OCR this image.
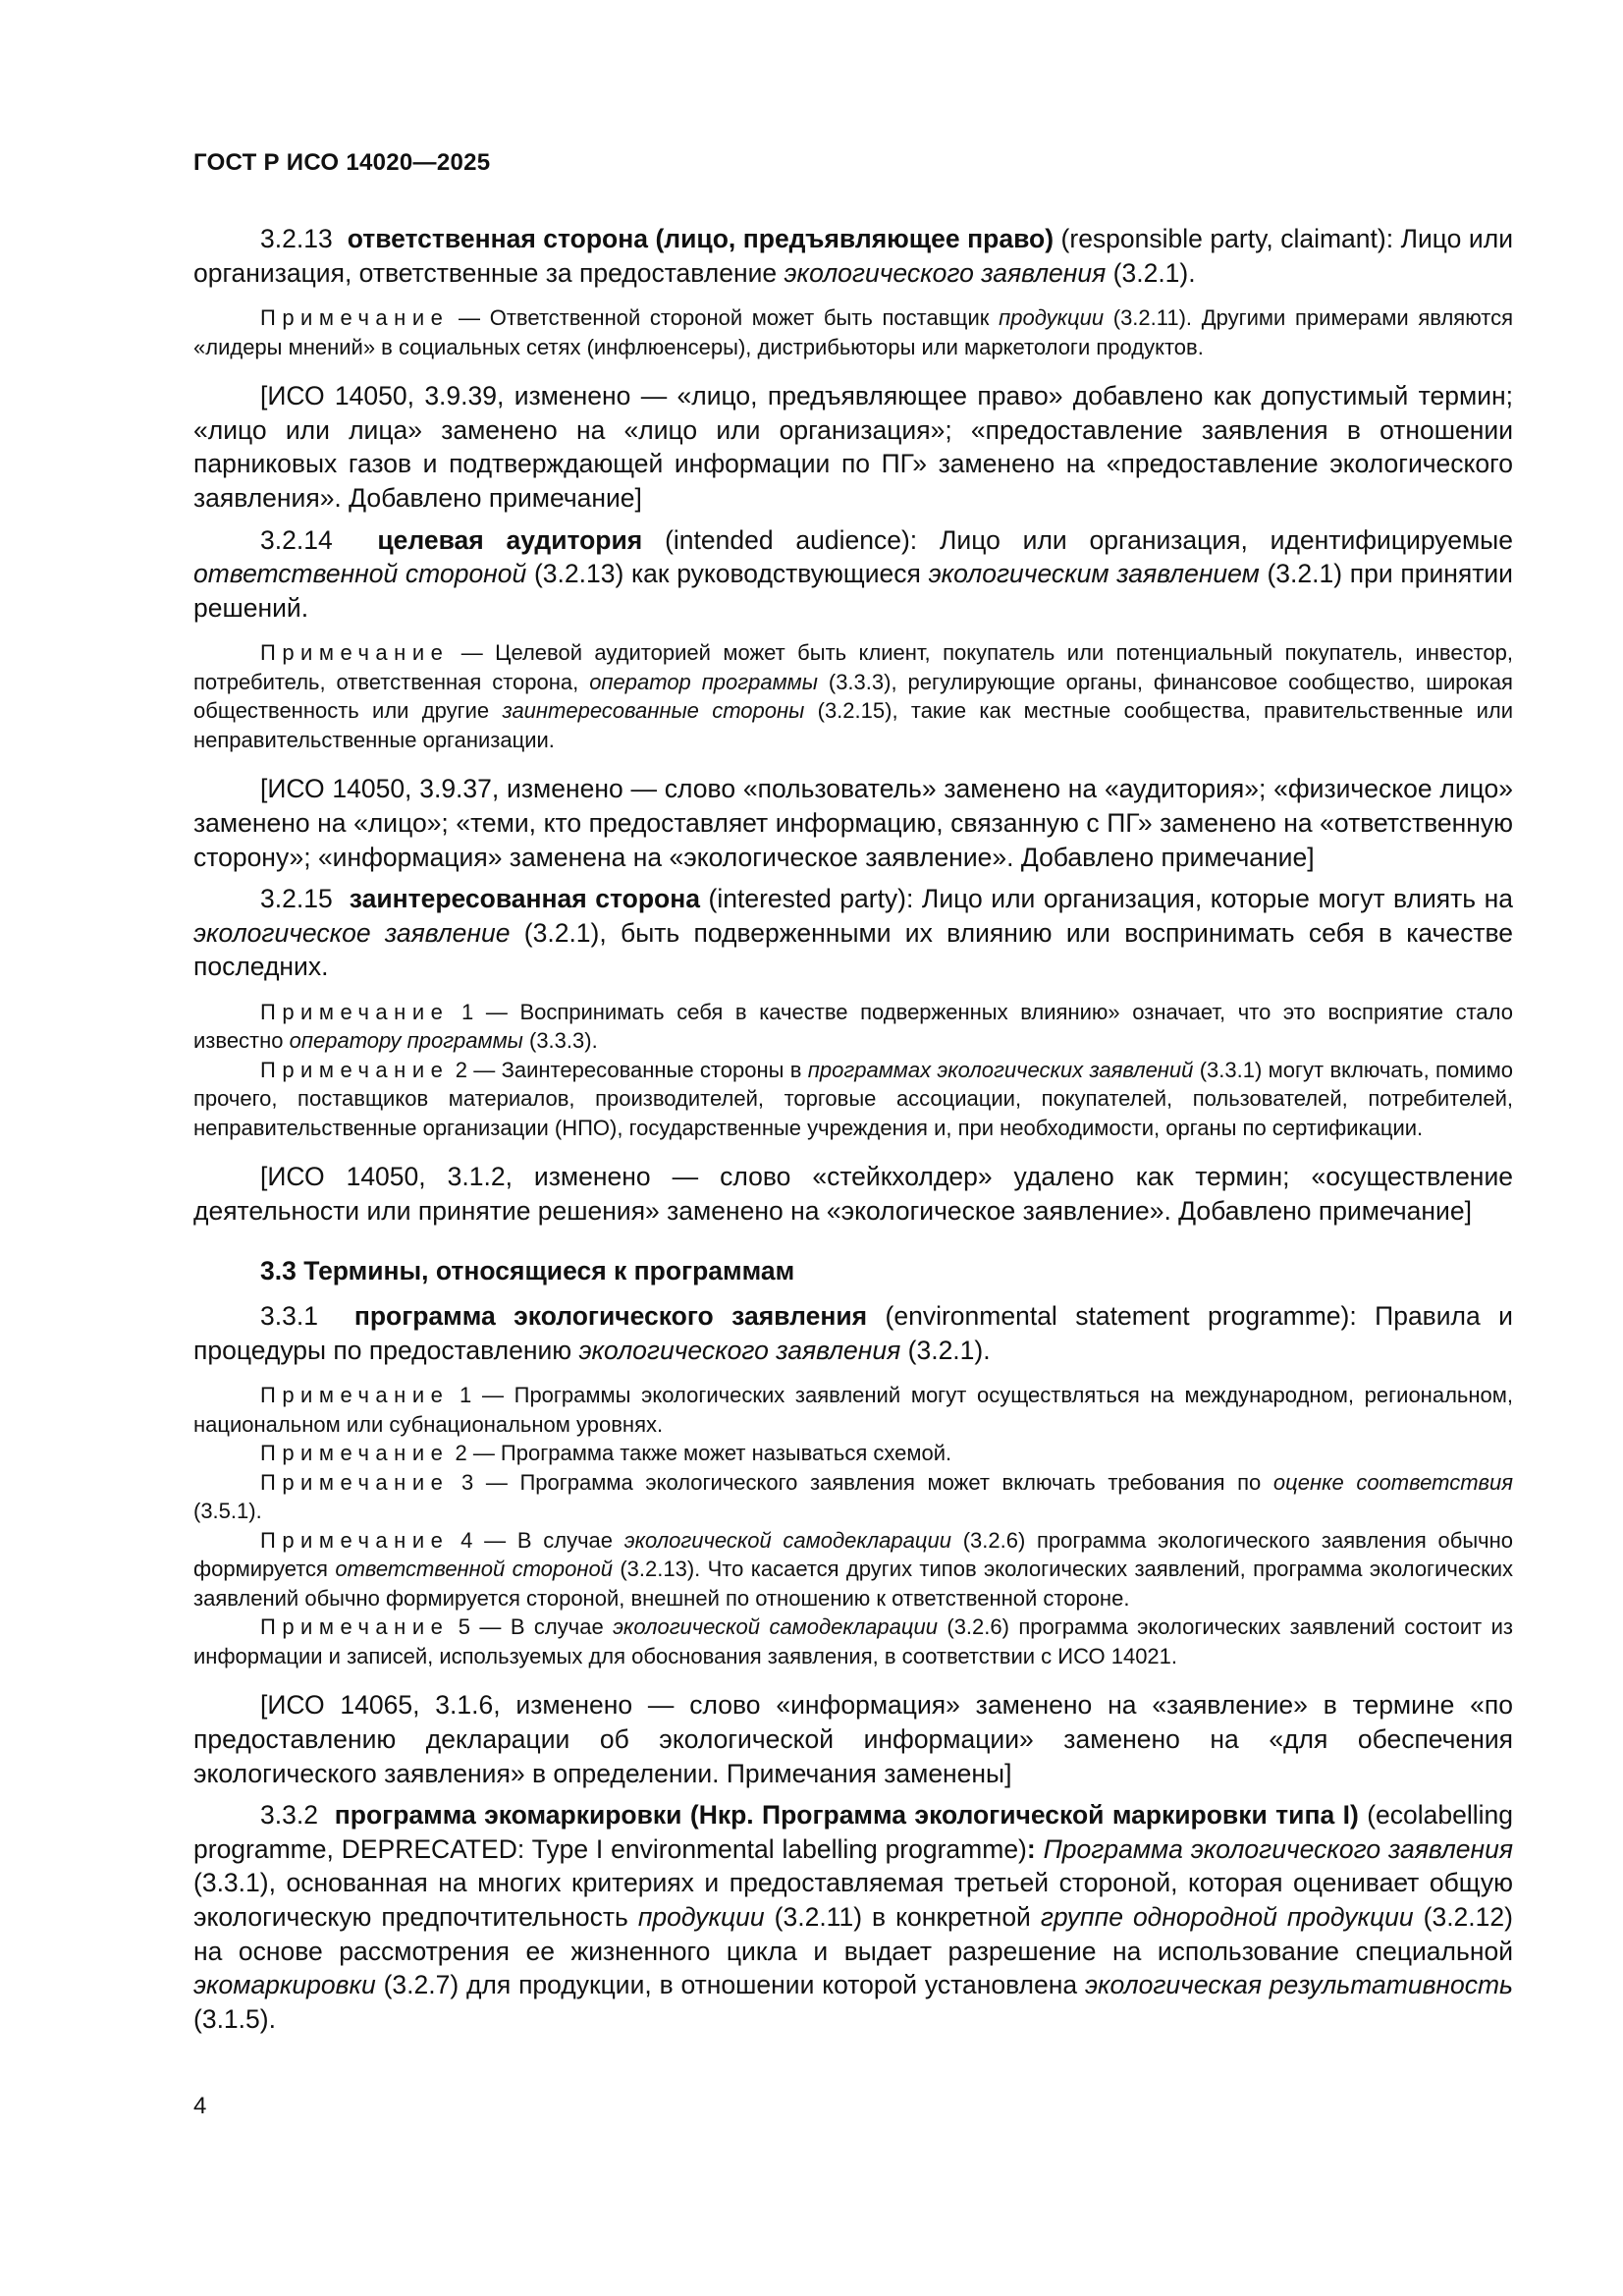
ГОСТ Р ИСО 14020—2025

3.2.13 ответственная сторона (лицо, предъявляющее право) (responsible party, claimant): Лицо или организация, ответственные за предоставление экологического заявления (3.2.1).

Примечание — Ответственной стороной может быть поставщик продукции (3.2.11). Другими примерами являются «лидеры мнений» в социальных сетях (инфлюенсеры), дистрибьюторы или маркетологи продуктов.

[ИСО 14050, 3.9.39, изменено — «лицо, предъявляющее право» добавлено как допустимый термин; «лицо или лица» заменено на «лицо или организация»; «предоставление заявления в отношении парниковых газов и подтверждающей информации по ПГ» заменено на «предоставление экологического заявления». Добавлено примечание]

3.2.14 целевая аудитория (intended audience): Лицо или организация, идентифицируемые ответственной стороной (3.2.13) как руководствующиеся экологическим заявлением (3.2.1) при принятии решений.

Примечание — Целевой аудиторией может быть клиент, покупатель или потенциальный покупатель, инвестор, потребитель, ответственная сторона, оператор программы (3.3.3), регулирующие органы, финансовое сообщество, широкая общественность или другие заинтересованные стороны (3.2.15), такие как местные сообщества, правительственные или неправительственные организации.

[ИСО 14050, 3.9.37, изменено — слово «пользователь» заменено на «аудитория»; «физическое лицо» заменено на «лицо»; «теми, кто предоставляет информацию, связанную с ПГ» заменено на «ответственную сторону»; «информация» заменена на «экологическое заявление». Добавлено примечание]

3.2.15 заинтересованная сторона (interested party): Лицо или организация, которые могут влиять на экологическое заявление (3.2.1), быть подверженными их влиянию или воспринимать себя в качестве последних.

Примечание 1 — Воспринимать себя в качестве подверженных влиянию» означает, что это восприятие стало известно оператору программы (3.3.3).

Примечание 2 — Заинтересованные стороны в программах экологических заявлений (3.3.1) могут включать, помимо прочего, поставщиков материалов, производителей, торговые ассоциации, покупателей, пользователей, потребителей, неправительственные организации (НПО), государственные учреждения и, при необходимости, органы по сертификации.

[ИСО 14050, 3.1.2, изменено — слово «стейкхолдер» удалено как термин; «осуществление деятельности или принятие решения» заменено на «экологическое заявление». Добавлено примечание]

3.3 Термины, относящиеся к программам

3.3.1 программа экологического заявления (environmental statement programme): Правила и процедуры по предоставлению экологического заявления (3.2.1).

Примечание 1 — Программы экологических заявлений могут осуществляться на международном, региональном, национальном или субнациональном уровнях.

Примечание 2 — Программа также может называться схемой.

Примечание 3 — Программа экологического заявления может включать требования по оценке соответствия (3.5.1).

Примечание 4 — В случае экологической самодекларации (3.2.6) программа экологического заявления обычно формируется ответственной стороной (3.2.13). Что касается других типов экологических заявлений, программа экологических заявлений обычно формируется стороной, внешней по отношению к ответственной стороне.

Примечание 5 — В случае экологической самодекларации (3.2.6) программа экологических заявлений состоит из информации и записей, используемых для обоснования заявления, в соответствии с ИСО 14021.

[ИСО 14065, 3.1.6, изменено — слово «информация» заменено на «заявление» в термине «по предоставлению декларации об экологической информации» заменено на «для обеспечения экологического заявления» в определении. Примечания заменены]

3.3.2 программа экомаркировки (Нкр. Программа экологической маркировки типа I) (ecolabelling programme, DEPRECATED: Type I environmental labelling programme): Программа экологического заявления (3.3.1), основанная на многих критериях и предоставляемая третьей стороной, которая оценивает общую экологическую предпочтительность продукции (3.2.11) в конкретной группе однородной продукции (3.2.12) на основе рассмотрения ее жизненного цикла и выдает разрешение на использование специальной экомаркировки (3.2.7) для продукции, в отношении которой установлена экологическая результативность (3.1.5).

4
